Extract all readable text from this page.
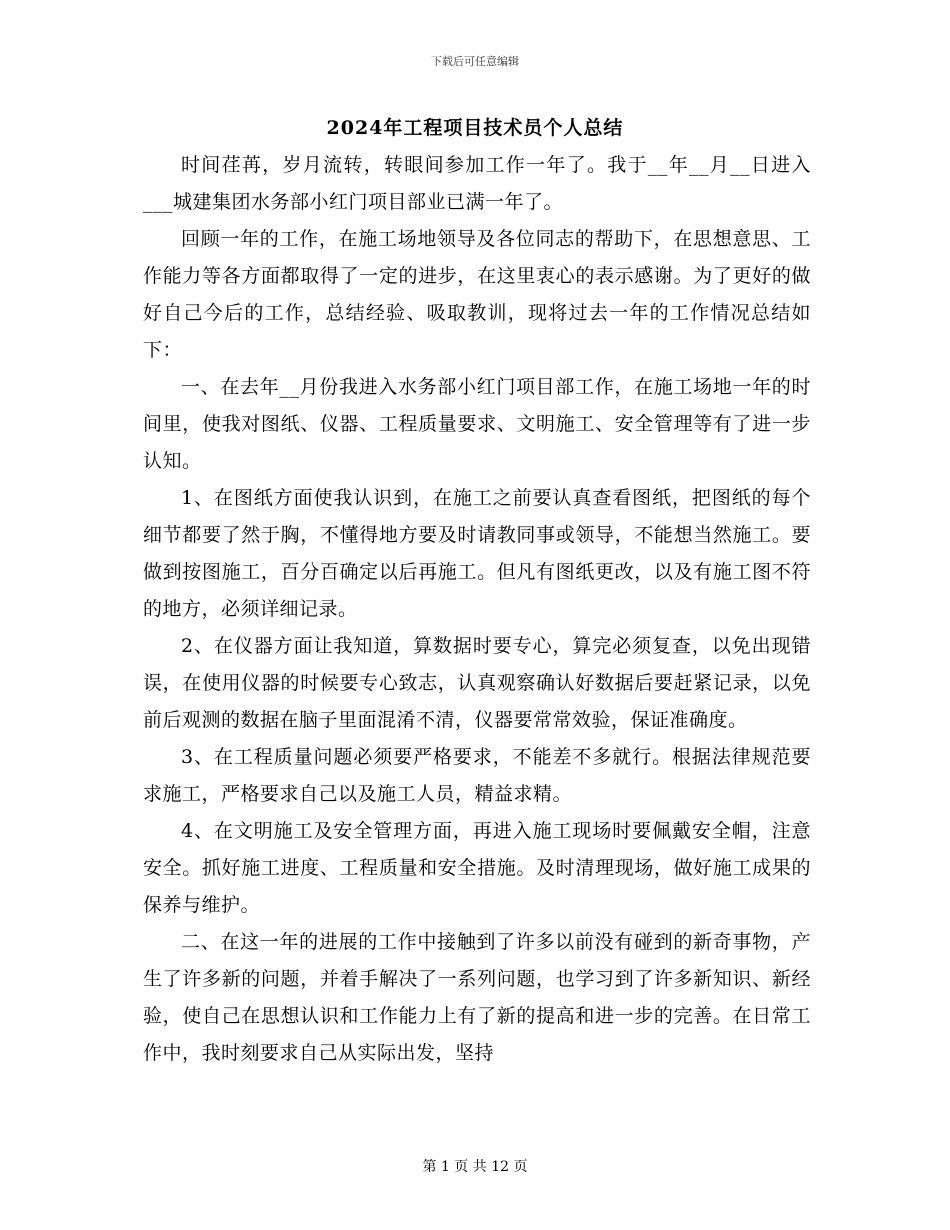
下载后可任意编辑
2024年工程项目技术员个人总结

时间荏苒，岁月流转，转眼间参加工作一年了。我于__年__月__日进入___城建集团水务部小红门项目部业已满一年了。

回顾一年的工作，在施工场地领导及各位同志的帮助下，在思想意思、工作能力等各方面都取得了一定的进步，在这里衷心的表示感谢。为了更好的做好自己今后的工作，总结经验、吸取教训，现将过去一年的工作情况总结如下：

一、在去年__月份我进入水务部小红门项目部工作，在施工场地一年的时间里，使我对图纸、仪器、工程质量要求、文明施工、安全管理等有了进一步认知。

1、在图纸方面使我认识到，在施工之前要认真查看图纸，把图纸的每个细节都要了然于胸，不懂得地方要及时请教同事或领导，不能想当然施工。要做到按图施工，百分百确定以后再施工。但凡有图纸更改，以及有施工图不符的地方，必须详细记录。

2、在仪器方面让我知道，算数据时要专心，算完必须复查，以免出现错误，在使用仪器的时候要专心致志，认真观察确认好数据后要赶紧记录，以免前后观测的数据在脑子里面混淆不清，仪器要常常效验，保证准确度。

3、在工程质量问题必须要严格要求，不能差不多就行。根据法律规范要求施工，严格要求自己以及施工人员，精益求精。

4、在文明施工及安全管理方面，再进入施工现场时要佩戴安全帽，注意安全。抓好施工进度、工程质量和安全措施。及时清理现场，做好施工成果的保养与维护。

二、在这一年的进展的工作中接触到了许多以前没有碰到的新奇事物，产生了许多新的问题，并着手解决了一系列问题，也学习到了许多新知识、新经验，使自己在思想认识和工作能力上有了新的提高和进一步的完善。在日常工作中，我时刻要求自己从实际出发，坚持

第 1 页 共 12 页
